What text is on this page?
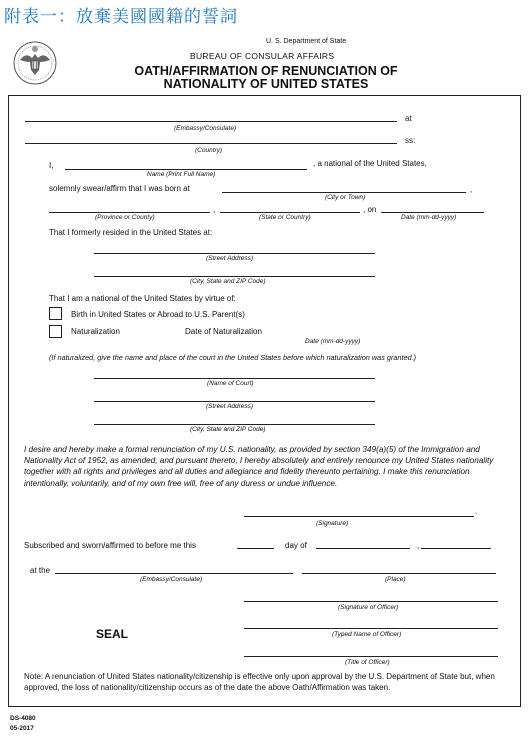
附表一：放棄美國國籍的誓詞
U. S. Department of State
BUREAU OF CONSULAR AFFAIRS
OATH/AFFIRMATION OF RENUNCIATION OF
NATIONALITY OF UNITED STATES
at
(Embassy/Consulate)
ss:
(Country)
I,	, a national of the United States,
Name (Print Full Name)
solemnly swear/affirm that I was born at	,
(City or Town)
,	, on
(Province or County)	(State or Country)	Date (mm-dd-yyyy)
That I formerly resided in the United States at:
(Street Address)
(City, State and ZIP Code)
That I am a national of the United States by virtue of:
Birth in United States or Abroad to U.S. Parent(s)
Naturalization	Date of Naturalization
Date (mm-dd-yyyy)
(If naturalized, give the name and place of the court in the United States before which naturalization was granted.)
(Name of Court)
(Street Address)
(City, State and ZIP Code)
I desire and hereby make a formal renunciation of my U.S. nationality, as provided by section 349(a)(5) of the Immigration and Nationality Act of 1952, as amended, and pursuant thereto, I hereby absolutely and entirely renounce my United States nationality together with all rights and privileges and all duties and allegiance and fidelity thereunto pertaining. I make this renunciation intentionally, voluntarily, and of my own free will, free of any duress or undue influence.
.
(Signature)
Subscribed and sworn/affirmed to before me this	day of	,
at the
(Embassy/Consulate)	(Place)
(Signature of Officer)
SEAL	(Typed Name of Officer)
(Title of Officer)
Note: A renunciation of United States nationality/citizenship is effective only upon approval by the U.S. Department of State but, when approved, the loss of nationality/citizenship occurs as of the date the above Oath/Affirmation was taken.
DS-4080
05-2017
